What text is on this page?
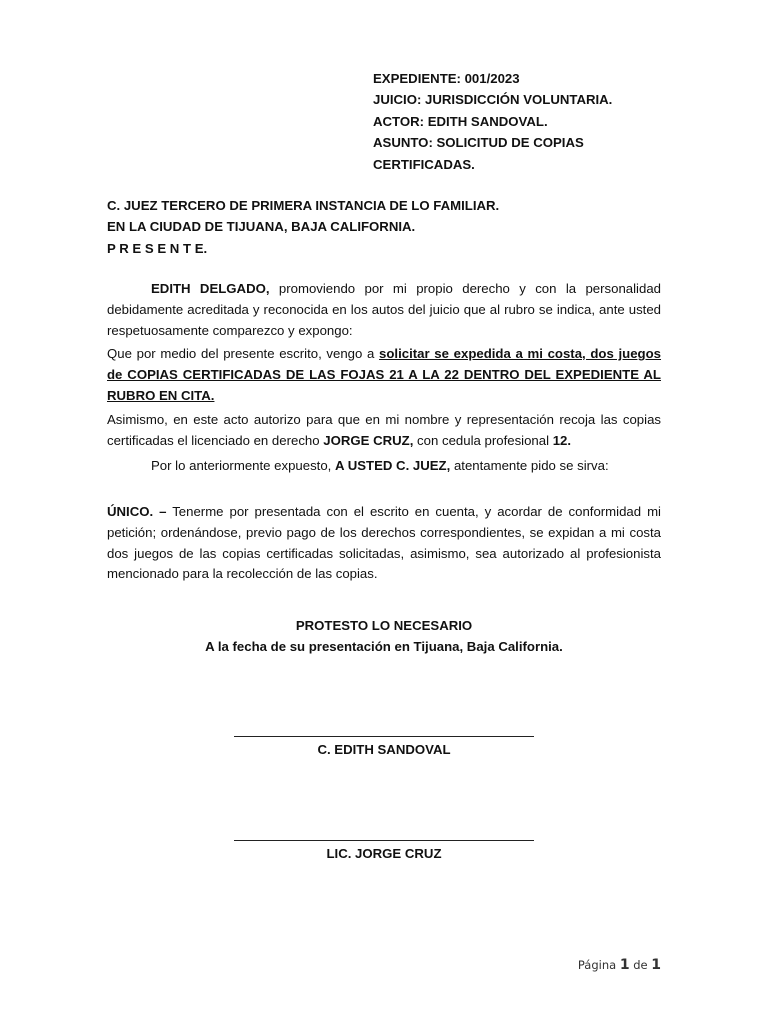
EXPEDIENTE: 001/2023
JUICIO: JURISDICCIÓN VOLUNTARIA.
ACTOR: EDITH SANDOVAL.
ASUNTO: SOLICITUD DE COPIAS
CERTIFICADAS.
C. JUEZ TERCERO DE PRIMERA INSTANCIA DE LO FAMILIAR.
EN LA CIUDAD DE TIJUANA, BAJA CALIFORNIA.
P R E S E N T E.
EDITH DELGADO, promoviendo por mi propio derecho y con la personalidad debidamente acreditada y reconocida en los autos del juicio que al rubro se indica, ante usted respetuosamente comparezco y expongo:
Que por medio del presente escrito, vengo a solicitar se expedida a mi costa, dos juegos de COPIAS CERTIFICADAS DE LAS FOJAS 21 A LA 22 DENTRO DEL EXPEDIENTE AL RUBRO EN CITA.
Asimismo, en este acto autorizo para que en mi nombre y representación recoja las copias certificadas el licenciado en derecho JORGE CRUZ, con cedula profesional 12.
Por lo anteriormente expuesto, A USTED C. JUEZ, atentamente pido se sirva:
ÚNICO. – Tenerme por presentada con el escrito en cuenta, y acordar de conformidad mi petición; ordenándose, previo pago de los derechos correspondientes, se expidan a mi costa dos juegos de las copias certificadas solicitadas, asimismo, sea autorizado al profesionista mencionado para la recolección de las copias.
PROTESTO LO NECESARIO
A la fecha de su presentación en Tijuana, Baja California.
C. EDITH SANDOVAL
LIC. JORGE CRUZ
Página 1 de 1
